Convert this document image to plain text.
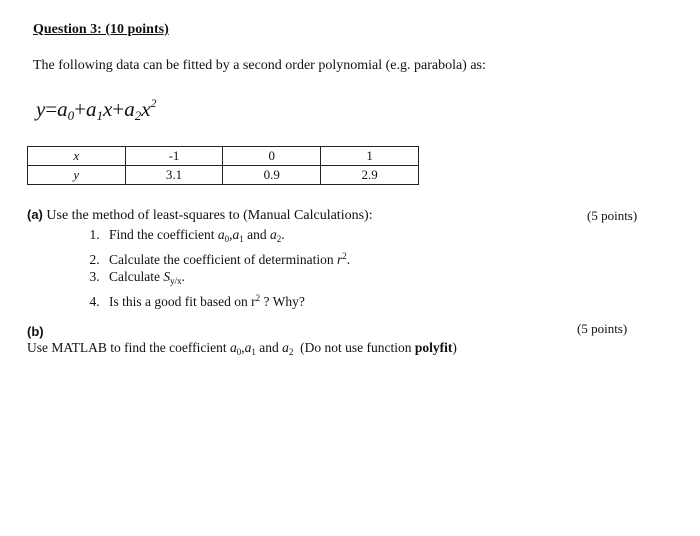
Question 3: (10 points)
The following data can be fitted by a second order polynomial (e.g. parabola) as:
$y=a_0+a_1x+a_2x^2$
x	-1	0	1
y	3.1	0.9	2.9
(a) Use the method of least-squares to (Manual Calculations):	(5 points)
1. Find the coefficient $a_0,a_1$ and $a_2$.
2. Calculate the coefficient of determination $r^2$.
3. Calculate $S_{y/x}$.
4. Is this a good fit based on $r^2$ ? Why?
(b)	(5 points)
Use MATLAB to find the coefficient $a_0,a_1$ and $a_2$  (Do not use function polyfit)
